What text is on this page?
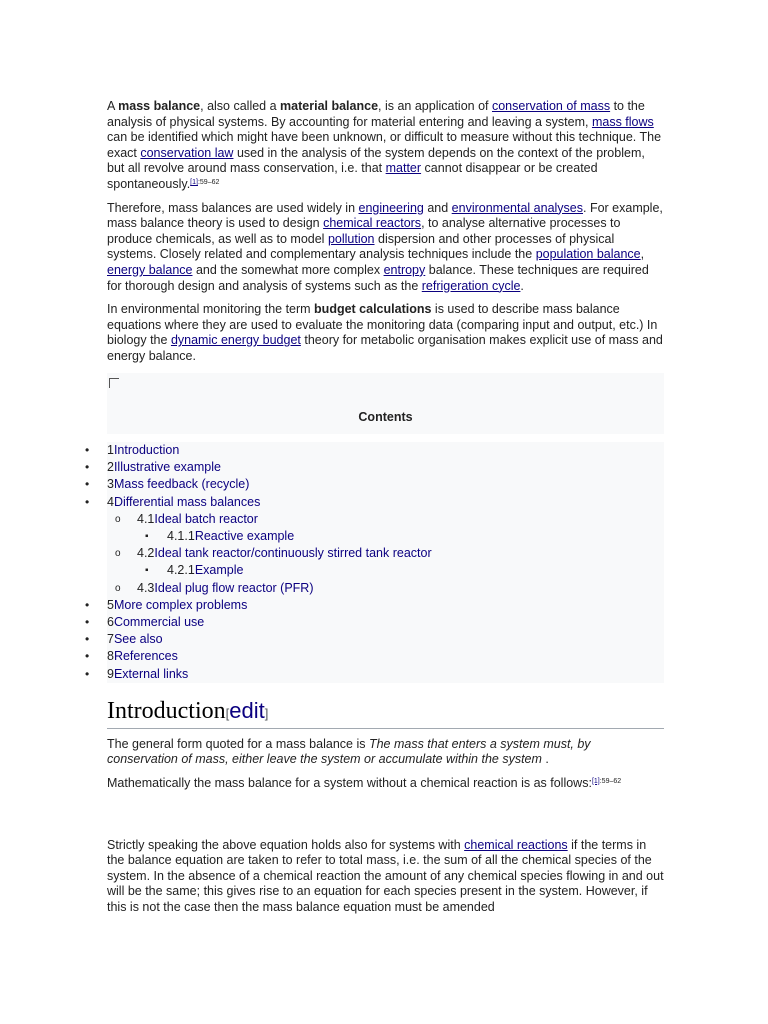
A mass balance, also called a material balance, is an application of conservation of mass to the analysis of physical systems. By accounting for material entering and leaving a system, mass flows can be identified which might have been unknown, or difficult to measure without this technique. The exact conservation law used in the analysis of the system depends on the context of the problem, but all revolve around mass conservation, i.e. that matter cannot disappear or be created spontaneously.$^{[1]:59-62}$

Therefore, mass balances are used widely in engineering and environmental analyses. For example, mass balance theory is used to design chemical reactors, to analyse alternative processes to produce chemicals, as well as to model pollution dispersion and other processes of physical systems. Closely related and complementary analysis techniques include the population balance, energy balance and the somewhat more complex entropy balance. These techniques are required for thorough design and analysis of systems such as the refrigeration cycle.

In environmental monitoring the term budget calculations is used to describe mass balance equations where they are used to evaluate the monitoring data (comparing input and output, etc.) In biology the dynamic energy budget theory for metabolic organisation makes explicit use of mass and energy balance.

Contents
• 1Introduction
• 2Illustrative example
• 3Mass feedback (recycle)
• 4Differential mass balances
o 4.1Ideal batch reactor
▪ 4.1.1Reactive example
o 4.2Ideal tank reactor/continuously stirred tank reactor
▪ 4.2.1Example
o 4.3Ideal plug flow reactor (PFR)
• 5More complex problems
• 6Commercial use
• 7See also
• 8References
• 9External links
Introduction[edit]

The general form quoted for a mass balance is The mass that enters a system must, by conservation of mass, either leave the system or accumulate within the system .

Mathematically the mass balance for a system without a chemical reaction is as follows:$^{[1]:59-62}$

Strictly speaking the above equation holds also for systems with chemical reactions if the terms in the balance equation are taken to refer to total mass, i.e. the sum of all the chemical species of the system. In the absence of a chemical reaction the amount of any chemical species flowing in and out will be the same; this gives rise to an equation for each species present in the system. However, if this is not the case then the mass balance equation must be amended
